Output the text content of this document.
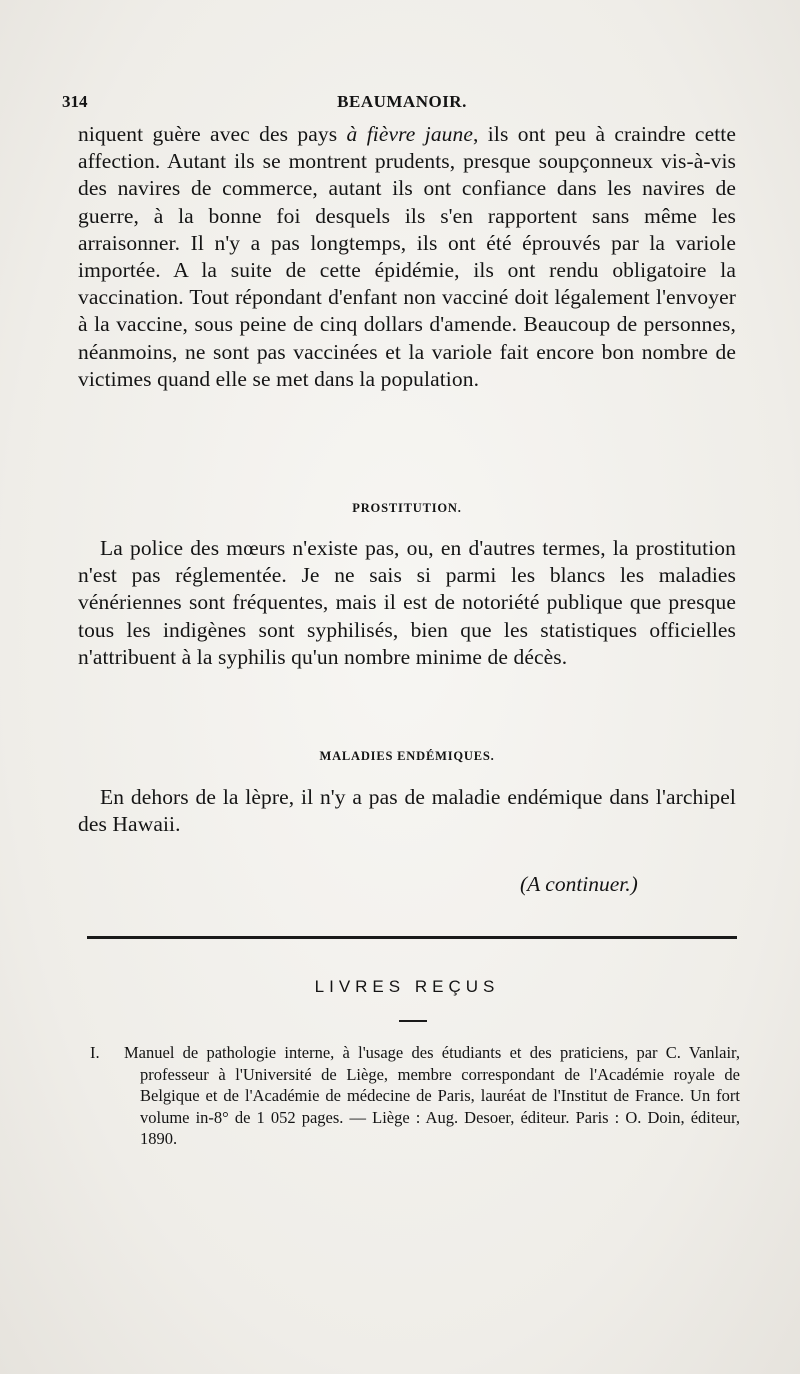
314	BEAUMANOIR.

niquent guère avec des pays à fièvre jaune, ils ont peu à craindre cette affection. Autant ils se montrent prudents, presque soupçonneux vis-à-vis des navires de commerce, autant ils ont confiance dans les navires de guerre, à la bonne foi desquels ils s'en rapportent sans même les arraisonner. Il n'y a pas longtemps, ils ont été éprouvés par la variole importée. A la suite de cette épidémie, ils ont rendu obligatoire la vaccination. Tout répondant d'enfant non vacciné doit légalement l'envoyer à la vaccine, sous peine de cinq dollars d'amende. Beaucoup de personnes, néanmoins, ne sont pas vaccinées et la variole fait encore bon nombre de victimes quand elle se met dans la population.

PROSTITUTION.

La police des mœurs n'existe pas, ou, en d'autres termes, la prostitution n'est pas réglementée. Je ne sais si parmi les blancs les maladies vénériennes sont fréquentes, mais il est de notoriété publique que presque tous les indigènes sont syphilisés, bien que les statistiques officielles n'attribuent à la syphilis qu'un nombre minime de décès.

MALADIES ENDÉMIQUES.

En dehors de la lèpre, il n'y a pas de maladie endémique dans l'archipel des Hawaii.

(A continuer.)
LIVRES REÇUS
I. Manuel de pathologie interne, à l'usage des étudiants et des praticiens, par C. Vanlair, professeur à l'Université de Liège, membre correspondant de l'Académie royale de Belgique et de l'Académie de médecine de Paris, lauréat de l'Institut de France. Un fort volume in-8° de 1 052 pages. — Liège : Aug. Desoer, éditeur. Paris : O. Doin, éditeur, 1890.
